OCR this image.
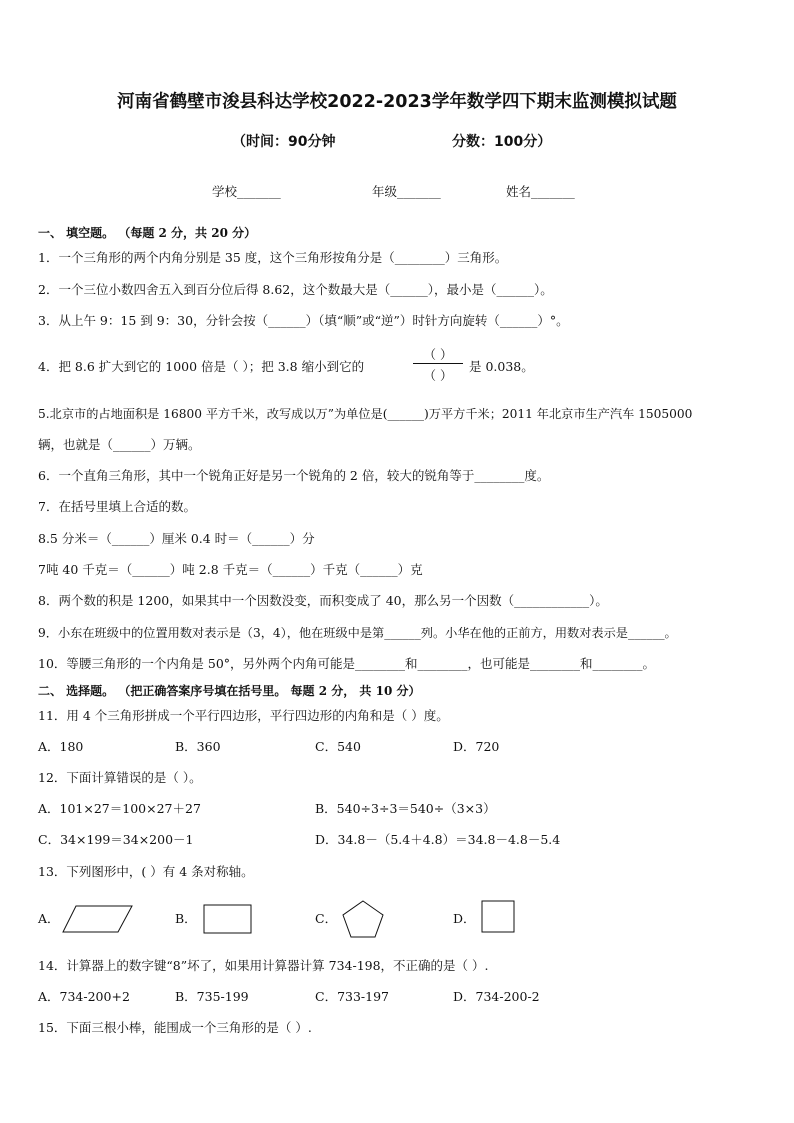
河南省鹤壁市浚县科达学校2022-2023学年数学四下期末监测模拟试题
（时间：90分钟	分数：100分）
学校_______	年级_______	姓名_______
一、 填空题。 （每题 2 分，共 20 分）
1．一个三角形的两个内角分别是 35 度，这个三角形按角分是（________）三角形。
2．一个三位小数四舍五入到百分位后得 8.62，这个数最大是（______），最小是（______）。
3．从上午 9：15 到 9：30，分针会按（______）（填“顺”或“逆”）时针方向旋转（______）°。
4．把 8.6 扩大到它的 1000 倍是（ ）；把 3.8 缩小到它的
（ ）
（ ）
是 0.038。
5.北京市的占地面积是 16800 平方千米，改写成以万”为单位是(______)万平方千米；2011 年北京市生产汽车 1505000
辆，也就是（______）万辆。
6．一个直角三角形，其中一个锐角正好是另一个锐角的 2 倍，较大的锐角等于________度。
7．在括号里填上合适的数。
8.5 分米＝（______）厘米 0.4 时＝（______）分
7吨 40 千克＝（______）吨 2.8 千克＝（______）千克（______）克
8．两个数的积是 1200，如果其中一个因数没变，而积变成了 40，那么另一个因数（____________）。
9．小东在班级中的位置用数对表示是（3，4），他在班级中是第______列。小华在他的正前方，用数对表示是______。
10．等腰三角形的一个内角是 50°，另外两个内角可能是________和________，也可能是________和________。
二、 选择题。 （把正确答案序号填在括号里。 每题 2 分， 共 10 分）
11．用 4 个三角形拼成一个平行四边形，平行四边形的内角和是（ ）度。
A．180	B．360	C．540	D．720
12．下面计算错误的是（ ）。
A．101×27＝100×27＋27	B．540÷3÷3＝540÷（3×3）
C．34×199＝34×200－1	D．34.8－（5.4＋4.8）＝34.8－4.8－5.4
13．下列图形中，( ）有 4 条对称轴。
A．	B．	C．	D．
14．计算器上的数字键“8”坏了，如果用计算器计算 734-198，不正确的是（ ）.
A．734-200+2	B．735-199	C．733-197	D．734-200-2
15．下面三根小棒，能围成一个三角形的是（ ）.
